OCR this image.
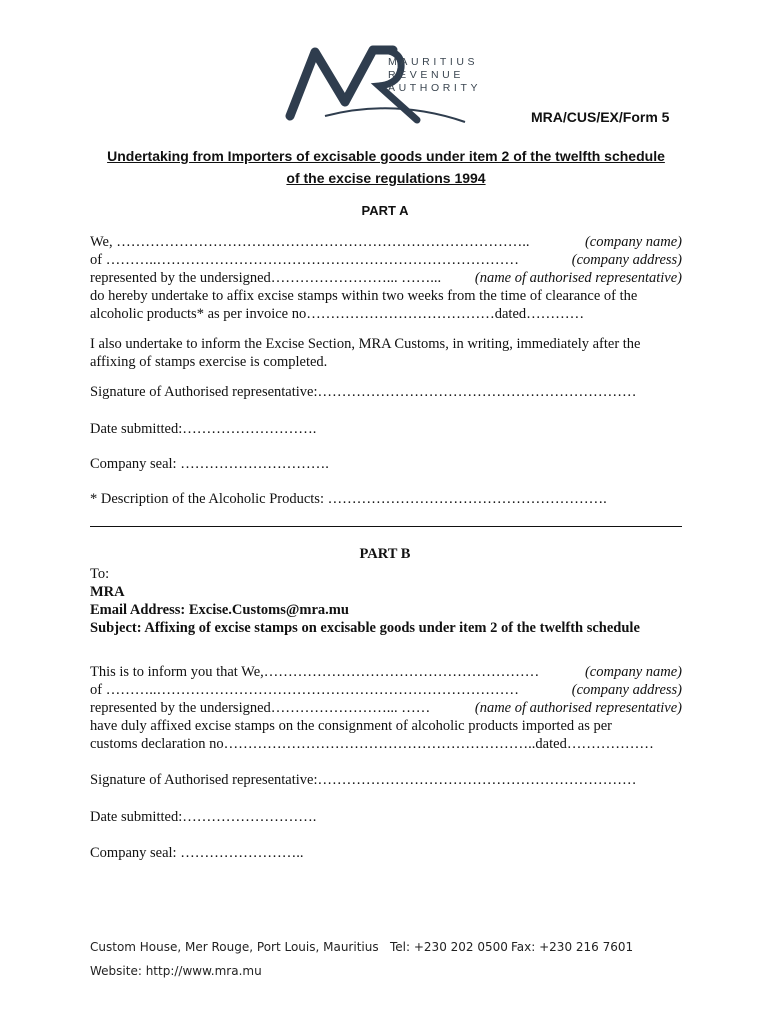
MAURITIUS
REVENUE
AUTHORITY
MRA/CUS/EX/Form 5
Undertaking from Importers of excisable goods under item 2 of the twelfth schedule
of the excise regulations 1994
PART A
We, …………………………………………………………………………..	(company name)
of ………..…………………………………………………………………	(company address)
represented by the undersigned……………………... ……... (name of authorised representative)
do hereby undertake to affix excise stamps within two weeks from the time of clearance of the
alcoholic products* as per invoice no…………………………………dated…………
I also undertake to inform the Excise Section, MRA Customs, in writing, immediately after the
affixing of stamps exercise is completed.
Signature of Authorised representative:…………………………………………………………
Date submitted:……………………….
Company seal: ………………………….
* Description of the Alcoholic Products: ………………………………………………….
PART B
To:
MRA
Email Address: Excise.Customs@mra.mu
Subject: Affixing of excise stamps on excisable goods under item 2 of the twelfth schedule
This is to inform you that We,…………………………………………………	(company name)
of ………..…………………………………………………………………	(company address)
represented by the undersigned……………………... ……	(name of authorised representative)
have duly affixed excise stamps on the consignment of alcoholic products imported as per
customs declaration no………………………………………………………..dated………………
Signature of Authorised representative:…………………………………………………………
Date submitted:……………………….
Company seal: ……………………..
Custom House, Mer Rouge, Port Louis, Mauritius Tel: +230 202 0500 Fax: +230 216 7601
Website: http://www.mra.mu
